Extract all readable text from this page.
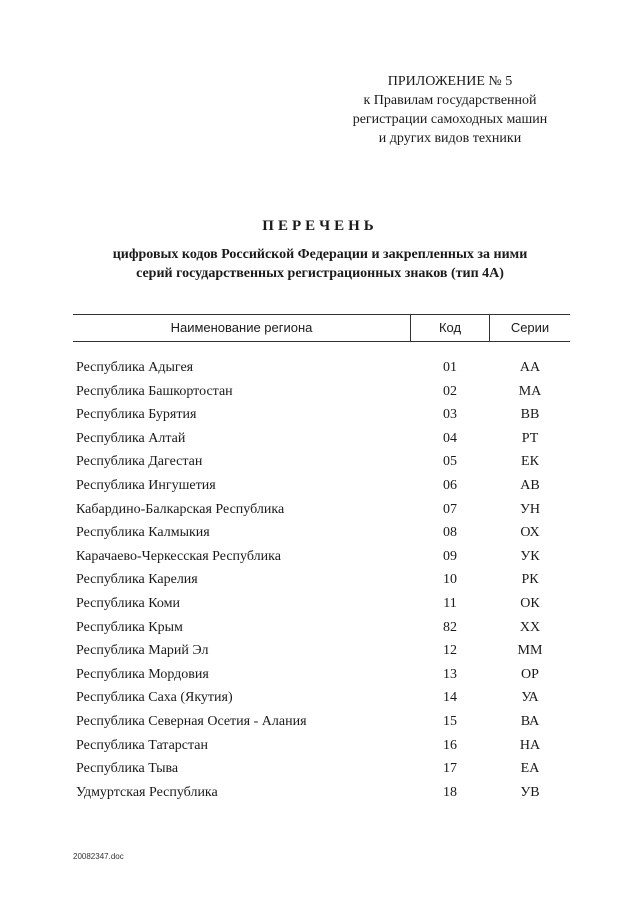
ПРИЛОЖЕНИЕ № 5
к Правилам государственной
регистрации самоходных машин
и других видов техники
ПЕРЕЧЕНЬ
цифровых кодов Российской Федерации и закрепленных за ними
серий государственных регистрационных знаков (тип 4А)
Наименование региона	Код	Серии
Республика Адыгея	01	АА
Республика Башкортостан	02	МА
Республика Бурятия	03	ВВ
Республика Алтай	04	РТ
Республика Дагестан	05	ЕК
Республика Ингушетия	06	АВ
Кабардино-Балкарская Республика	07	УН
Республика Калмыкия	08	ОХ
Карачаево-Черкесская Республика	09	УК
Республика Карелия	10	РК
Республика Коми	11	ОК
Республика Крым	82	ХХ
Республика Марий Эл	12	ММ
Республика Мордовия	13	ОР
Республика Саха (Якутия)	14	УА
Республика Северная Осетия - Алания	15	ВА
Республика Татарстан	16	НА
Республика Тыва	17	ЕА
Удмуртская Республика	18	УВ
20082347.doc
